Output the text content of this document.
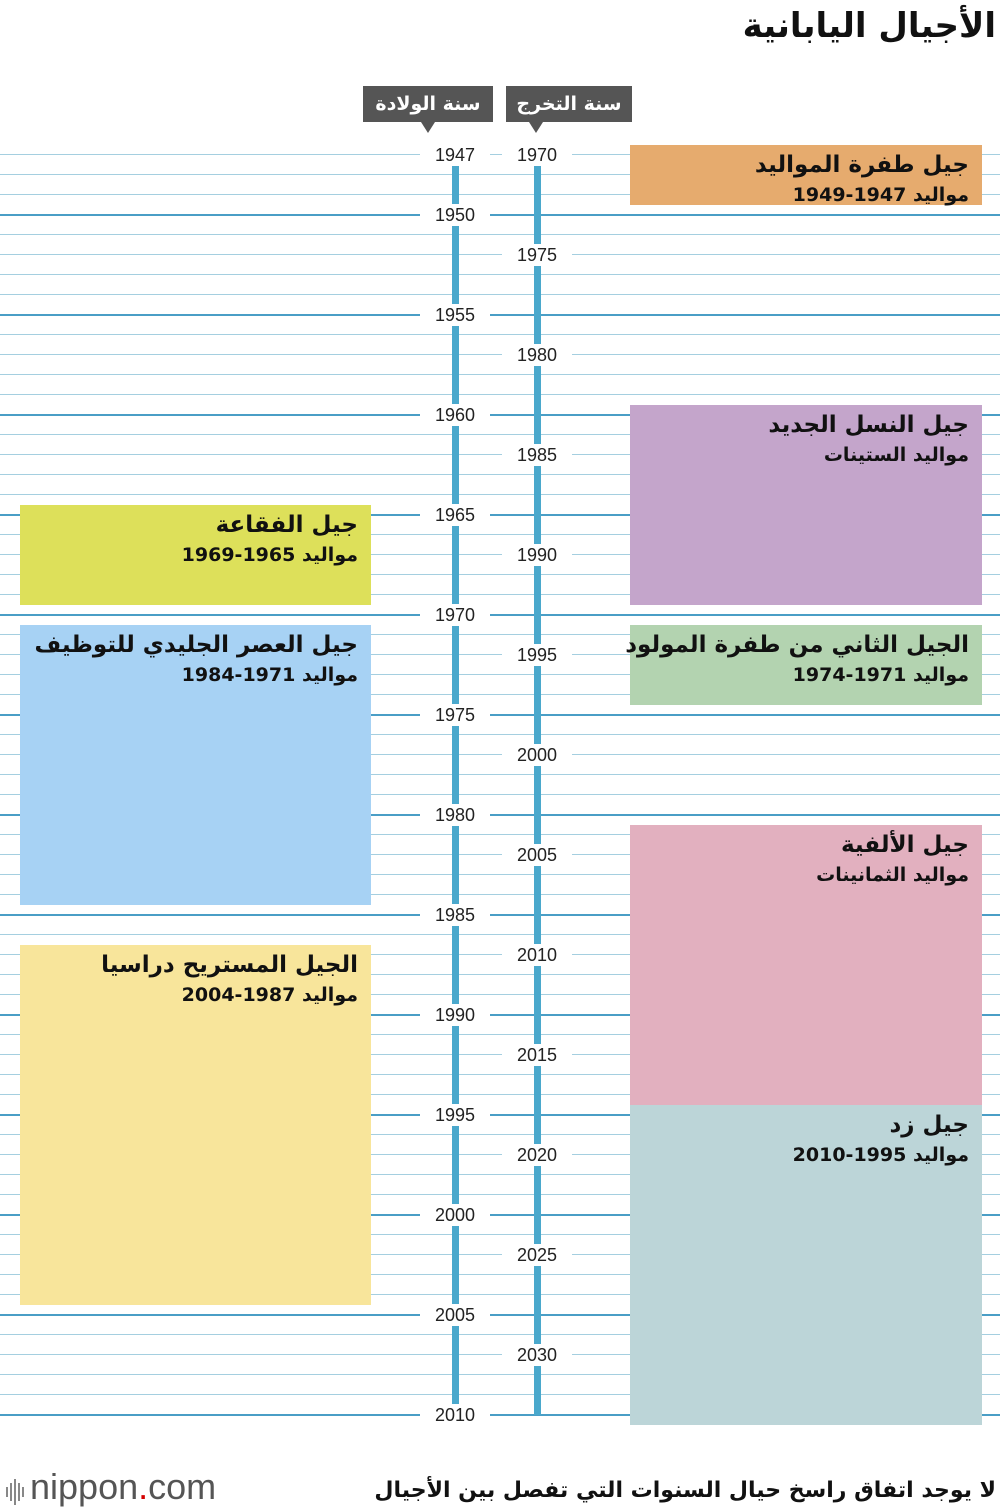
الأجيال اليابانية
سنة الولادة	سنة التخرج
1947
1950
1955
1960
1965
1970
1975
1980
1985
1990
1995
2000
2005
2010
1970
1975
1980
1985
1990
1995
2000
2005
2010
2015
2020
2025
2030
جيل طفرة المواليد
مواليد 1947-1949
جيل النسل الجديد
مواليد الستينات
الجيل الثاني من طفرة المولود
مواليد 1971-1974
جيل الألفية
مواليد الثمانينات
جيل زد
مواليد 1995-2010
جيل الفقاعة
مواليد 1965-1969
جيل العصر الجليدي للتوظيف
مواليد 1971-1984
الجيل المستريح دراسيا
مواليد 1987-2004
nippon.com	لا يوجد اتفاق راسخ حيال السنوات التي تفصل بين الأجيال
